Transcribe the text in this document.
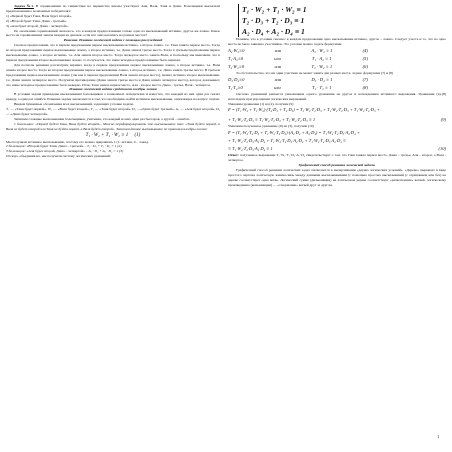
Задача №1. В соревновании по гимнастике на первенство школы участвуют Аня, Валя, Таня и Даша. Болельщики высказали предположения о возможных победителях:

1) «Первой будет Таня, Валя будет второй».

2) «Второй будет Таня, Даша - третьей».

3) «Аля будет второй, Даша - четвертой».

По окончании соревнований оказалось, что в каждом предположении только одно из высказываний истинно, другое же ложно. Какое место на соревнованиях заняла каждая из девочек, если все они оказались на разных местах?

Решение. Решение логической задачи с помощью рассуждений

Сначала предположим, что в первом предложении первое высказывание истинно, а второе ложно, т.е. Таня заняла первое место. Тогда во втором предложении первое высказывание ложно, а второе истинно, т.е. Даша заняла третье место. Тогда в третьем предложении первое высказывание ложно, а второе истинно, т.е. Аля заняла второе место. Тогда четвертое место заняла Валя, и поскольку мы выяснили, что в первом предложении второе высказывание ложно, то получается, что наше исходное предположение было верным.

Для полноты решения рассмотрим вариант, когда в первом предложении первое высказывание ложно, а второе истинно, т.е. Валя заняла второе место. Тогда во втором предложении первое высказывание ложно, а второе истинно, т.е. Даша заняла третье место. В третьем предложении первое высказывание ложно (так как в первом предложении Валя заняла второе место), значит, истинно второе высказывание, т.е. Даша заняла четвертое место. Получили противоречие (Даша заняла третье место и Даша заняла четвертое место), которое доказывает, что наше исходное предположение было неверно. Итак, Таня заняла первое место, Аля - второе место, Даша - третье, Валя - четвертое.

Решение логической задачи средствами алгебры логики

В условии задачи приведены высказывания болельщиков о возможных победителях и известно, что каждый из них один раз сказал правду, а один раз ошибся. Решение задачи заключается в том, что необходимо найти истинное высказывание, отвечающее на вопрос задачи.

Введем буквенные обозначения всех высказываний, задающих условие задачи.

T₁ — «Таня будет первой», W₂ — «Валя будет второй», T₂ — «Таня будет второй», D₃ —«Даша будет третьей», A₂ — «Аля будет второй», D₄ — «Даша будет четвертой».

Запишем сложные высказывания болельщиков, учитывая, что каждый из них один раз был прав, а другой – ошибся.

1 болельщик: «Первой будет Таня, Валя будет второй». Можно переформулировать это высказывание так: «Таня будет первой, а Валя не будет второй или Таня не будет первой, а Валя будет второй». Запишем данное высказывание по правилам алгебры логики:

T₁ · W₂ + T₁ · W₂ ≡ 1     (1)

Мы получили истинное высказывание, поэтому его можно приравнять 1 (1- истина, 0 – ложь).

2 болельщик: «Второй будет Таня, Даша – третьей» – T₂ · D₃ + T₂ · D₃ ≡ 1 (2)

3 болельщик: «Аля будет второй, Даша – четвертой» – A₂ · D₄ + A₂ · D₄ ≡ 1 (3)

Отсюда, объединив их, мы получили систему логических уравнений:

T₁ · W₂ + T₁ · W₂ ≡ 1
T₂ · D₃ + T₂ · D₃ ≡ 1
A₂ · D₄ + A₂ · D₄ ≡ 1

Помним, что в условии сказано: в каждом предложении одно высказывание истинно, другое – ложно. Следует учесть и то, что на одно место не было заявлено участников. Это условие можно задать формулами

A₂·W₂≡0	или	A₂ · W₂ ≡ 1	(4)
T₁·A₂≡0	или	T₁ · A₂ ≡ 1	(5)
T₂·W₂≡0	или	T₂ · W₂ ≡ 1	(6)

То обстоятельство, что ни один участник не может занять два разных места, задано формулами (7) и (8)

D₃·D₄≡0	или	D₃ · D₄ ≡ 1	(7)
T₁·T₂≡0	или	T₁ · T₂ ≡ 1	(8)

Система уравнений решается умножением одного уравнения на другое и нахождением истинного выражения. Уравнения (4)-(8) используем при упрощении логических выражений.

Умножим уравнение (1) на (2), получим (9)

F = (T₁·W₂ + T₁·W₂)·(T₂·D₃ + T₂·D₃) = T₁·W₂·T₂·D₃ + T₁·W₂·T₂·D₃ + T₁·W₂·T₂·D₃ +
+ T₁·W₂·T₂·D₃ ≡ T₁·W₂·T₂·D₃ + T₁·W₂·T₂·D₃ ≡ 1	(9)

Умножим полученное уравнение (9) на (3), получим (10)

F = (T₁·W₂·T₂·D₃ + T₁·W₂·T₂·D₃)·(A₂·D₄ + A₂·D₄) = T₁·W₂·T₂·D₃·A₂·D₄ +
+ T₁·W₂·T₂·D₃·A₂·D₄ + T₁·W₂·T₂·D₃·A₂·D₄ + T₁·W₂·T₂·D₃·A₂·D₄ ≡
≡ T₁·W₂·T₂·D₃·A₂·D₄ ≡ 1	(10)

Ответ: полученное выражение T₁·W₂·T₂·D₃·A₂·D₄ свидетельствует о том, что Таня заняла первое место, Даша – третье, Аля – второе, а Валя - четвертое.

Графический способ решения логической задачи.

Графический способ решения логических задач заключается в вычерчивании «дерева логических условий». «Дерево» вырывает в виде простого чертежа логическую взаимосвязь между данными высказываниями (с помощью простых высказываний (с отрицанием или без) на дереве соответствует одна ветвь. Логический сумме (дизъюнкции) на логическом дереве соответствует «разветвление» ветвей, логическому произведению (конъюнкции) — «следование» ветвей друг за другом.

1
